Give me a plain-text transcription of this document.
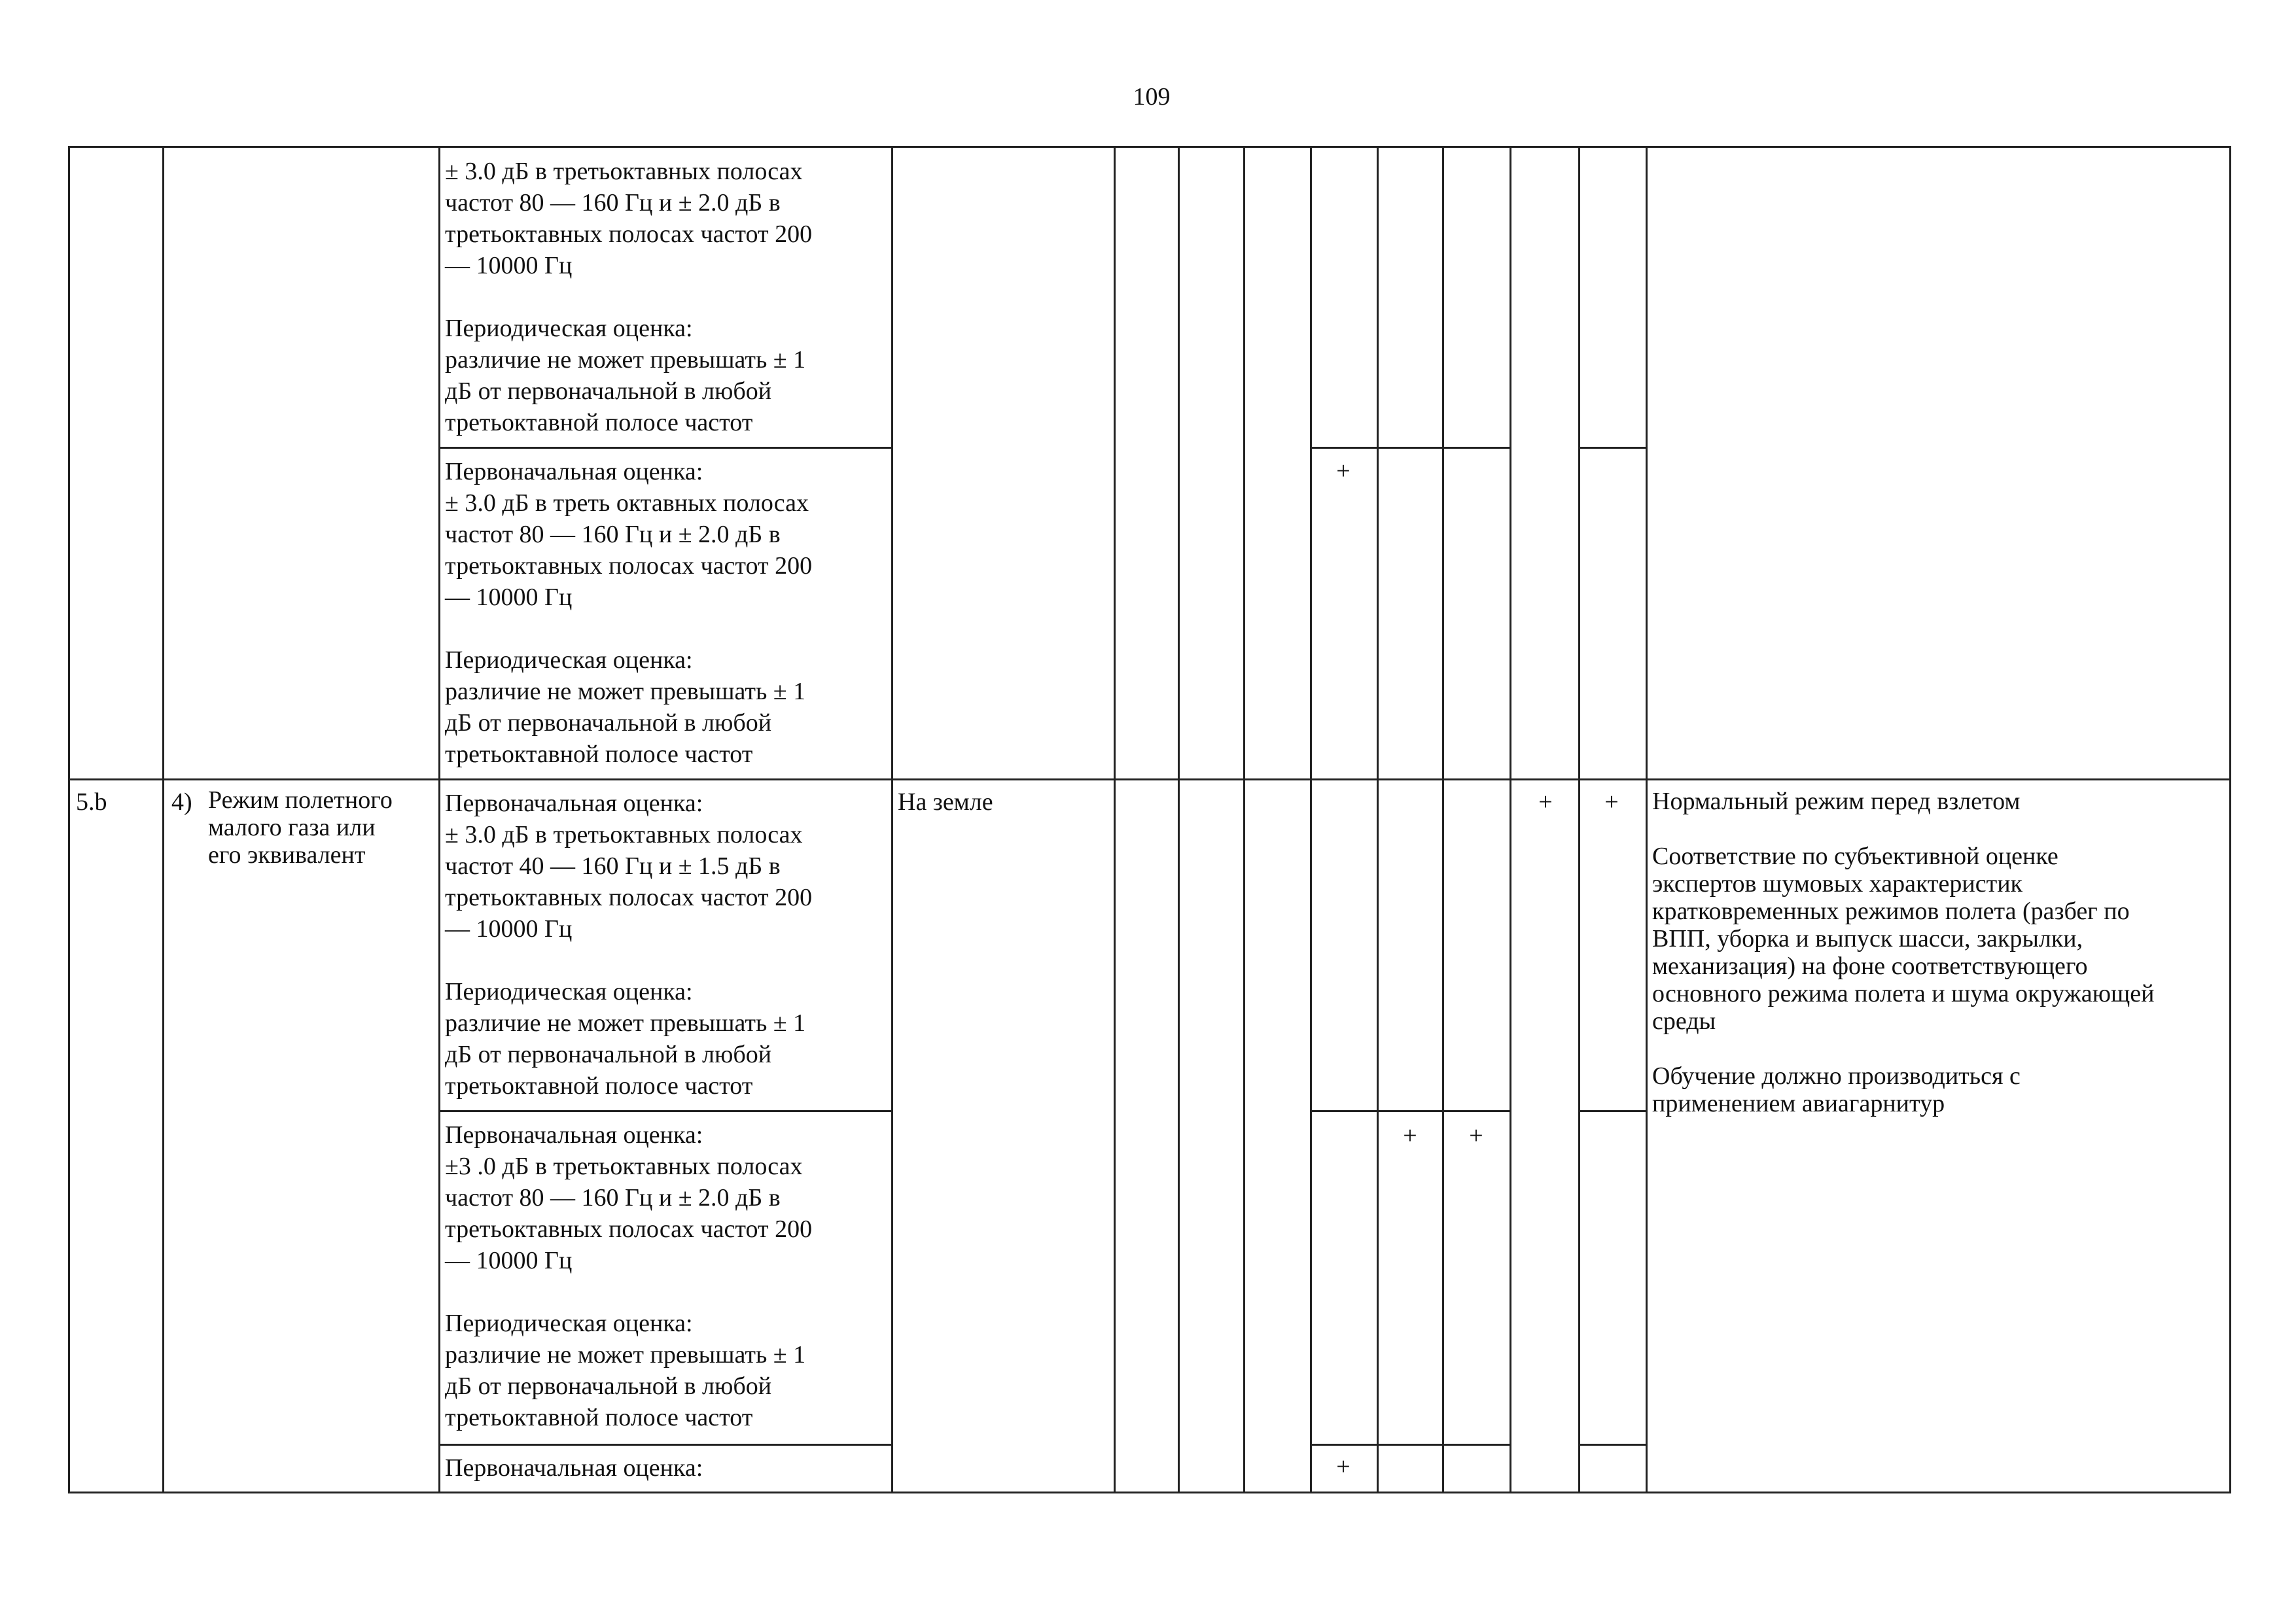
109
± 3.0 дБ в третьоктавных полосах
частот 80 — 160 Гц и ± 2.0 дБ в
третьоктавных полосах частот 200
— 10000 Гц

Периодическая оценка:
различие не может превышать ± 1
дБ от первоначальной в любой
третьоктавной полосе частот
Первоначальная оценка:
± 3.0 дБ в треть октавных полосах
частот 80 — 160 Гц и ± 2.0 дБ в
третьоктавных полосах частот 200
— 10000 Гц

Периодическая оценка:
различие не может превышать ± 1
дБ от первоначальной в любой
третьоктавной полосе частот
+
5.b	4) Режим полетного
малого газа или
его эквивалент
Первоначальная оценка:
± 3.0 дБ в третьоктавных полосах
частот 40 — 160 Гц и ± 1.5 дБ в
третьоктавных полосах частот 200
— 10000 Гц

Периодическая оценка:
различие не может превышать ± 1
дБ от первоначальной в любой
третьоктавной полосе частот
Первоначальная оценка:
±3 .0 дБ в третьоктавных полосах
частот 80 — 160 Гц и ± 2.0 дБ в
третьоктавных полосах частот 200
— 10000 Гц

Периодическая оценка:
различие не может превышать ± 1
дБ от первоначальной в любой
третьоктавной полосе частот
Первоначальная оценка:
На земле	+ +
+ +
+
Нормальный режим перед взлетом

Соответствие по субъективной оценке
экспертов шумовых характеристик
кратковременных режимов полета (разбег по
ВПП, уборка и выпуск шасси, закрылки,
механизация) на фоне соответствующего
основного режима полета и шума окружающей
среды

Обучение должно производиться с
применением авиагарнитур
